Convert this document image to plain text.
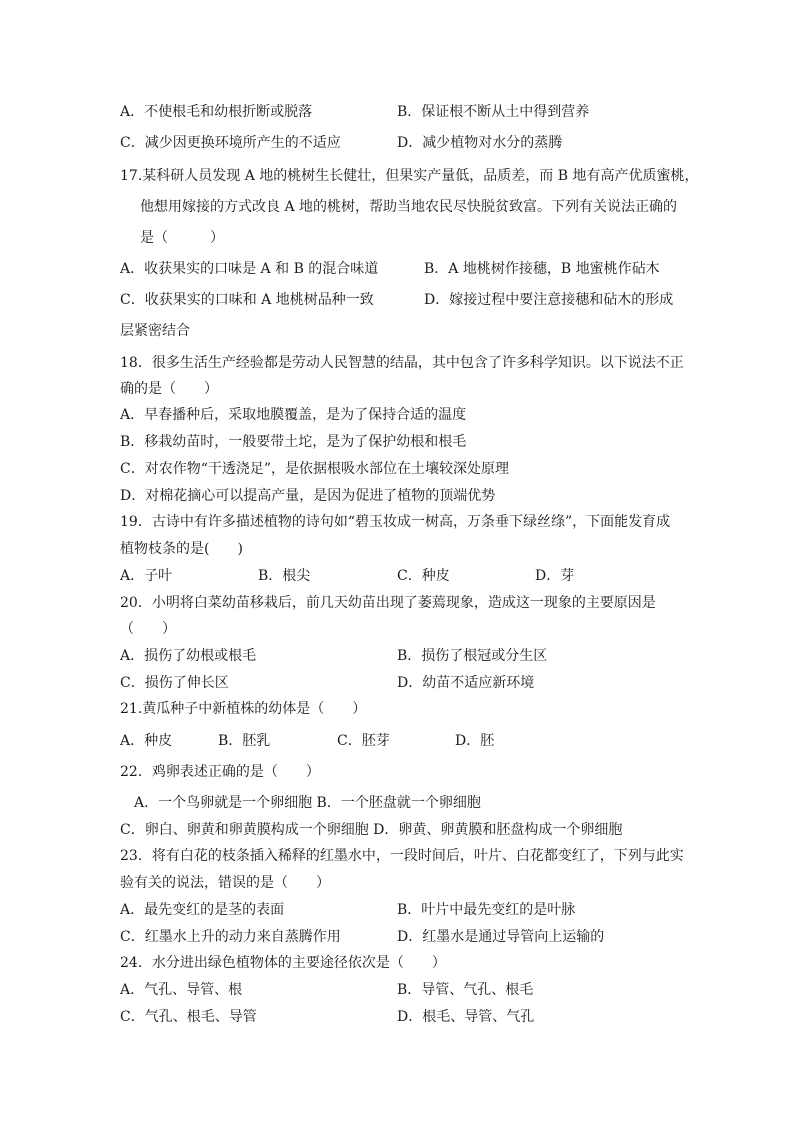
A．不使根毛和幼根折断或脱落	B．保证根不断从土中得到营养
C．减少因更换环境所产生的不适应	D．减少植物对水分的蒸腾
17.某科研人员发现 A 地的桃树生长健壮，但果实产量低，品质差，而 B 地有高产优质蜜桃，
他想用嫁接的方式改良 A 地的桃树，帮助当地农民尽快脱贫致富。下列有关说法正确的
是（　　　）
A．收获果实的口味是 A 和 B 的混合味道	B．A 地桃树作接穗，B 地蜜桃作砧木
C．收获果实的口味和 A 地桃树品种一致	D．嫁接过程中要注意接穗和砧木的形成
层紧密结合
18．很多生活生产经验都是劳动人民智慧的结晶，其中包含了许多科学知识。以下说法不正
确的是（　　）
A．早春播种后，采取地膜覆盖，是为了保持合适的温度
B．移栽幼苗时，一般要带土坨，是为了保护幼根和根毛
C．对农作物“干透浇足”，是依据根吸水部位在土壤较深处原理
D．对棉花摘心可以提高产量，是因为促进了植物的顶端优势
19．古诗中有许多描述植物的诗句如“碧玉妆成一树高，万条垂下绿丝绦”，下面能发育成
植物枝条的是(　　)
A．子叶	B．根尖	C．种皮	D．芽
20．小明将白菜幼苗移栽后，前几天幼苗出现了萎蔫现象，造成这一现象的主要原因是
（　　）
A．损伤了幼根或根毛	B．损伤了根冠或分生区
C．损伤了伸长区	D．幼苗不适应新环境
21.黄瓜种子中新植株的幼体是（　　）
A．种皮	B．胚乳	C．胚芽	D．胚
22．鸡卵表述正确的是（　　）
A．一个鸟卵就是一个卵细胞 B．一个胚盘就一个卵细胞
C．卵白、卵黄和卵黄膜构成一个卵细胞 D．卵黄、卵黄膜和胚盘构成一个卵细胞
23．将有白花的枝条插入稀释的红墨水中，一段时间后，叶片、白花都变红了，下列与此实
验有关的说法，错误的是（　　）
A．最先变红的是茎的表面	B．叶片中最先变红的是叶脉
C．红墨水上升的动力来自蒸腾作用	D．红墨水是通过导管向上运输的
24．水分进出绿色植物体的主要途径依次是（　　）
A．气孔、导管、根	B．导管、气孔、根毛
C．气孔、根毛、导管	D．根毛、导管、气孔
